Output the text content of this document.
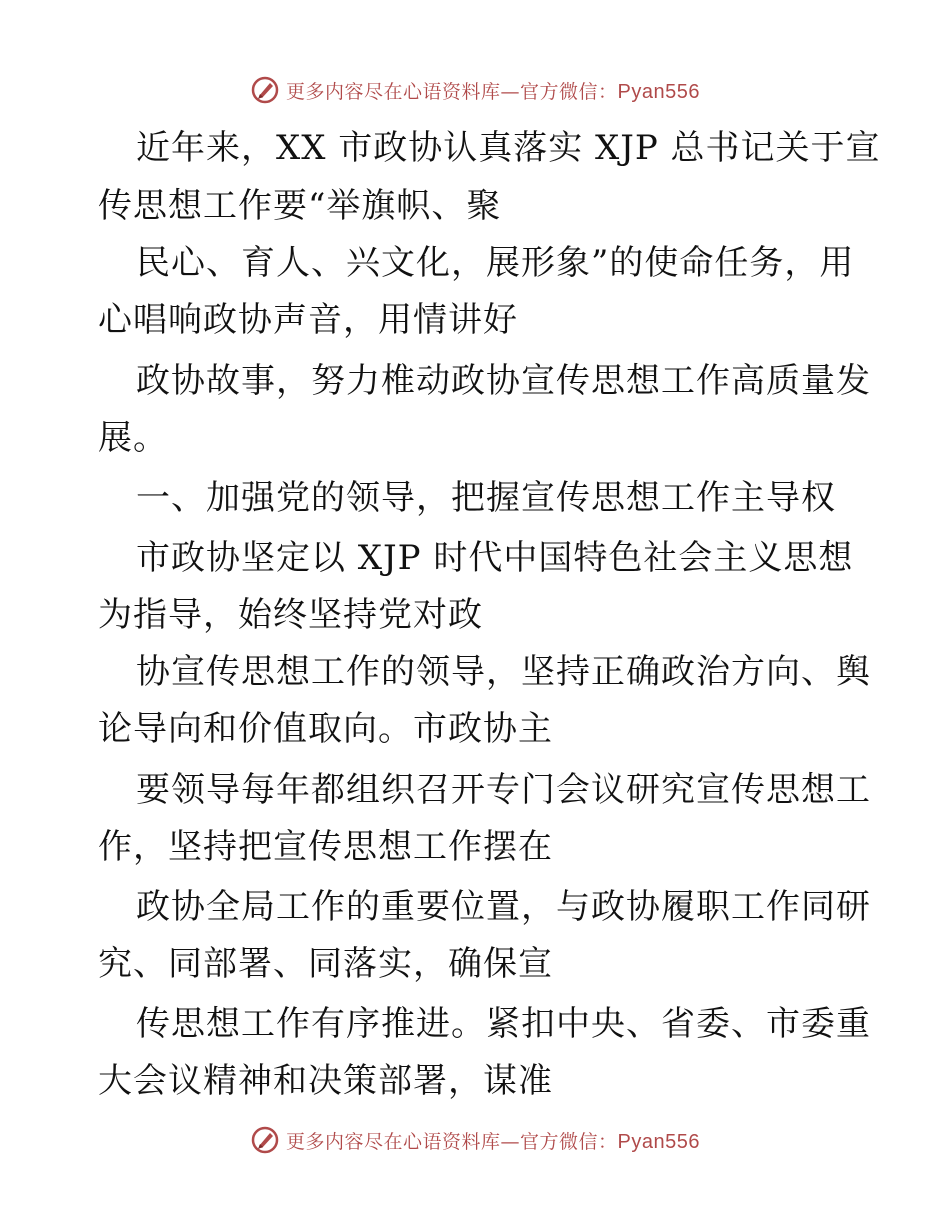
更多内容尽在心语资料库—官方微信：Pyan556
近年来，XX 市政协认真落实 XJP 总书记关于宣
传思想工作要“举旗帜、聚
民心、育人、兴文化，展形象”的使命任务，用
心唱响政协声音，用情讲好
政协故事，努力椎动政协宣传思想工作高质量发
展。
一、加强党的领导，把握宣传思想工作主导权
市政协坚定以 XJP 时代中国特色社会主义思想
为指导，始终坚持党对政
协宣传思想工作的领导，坚持正确政治方向、舆
论导向和价值取向。市政协主
要领导每年都组织召开专门会议研究宣传思想工
作，坚持把宣传思想工作摆在
政协全局工作的重要位置，与政协履职工作同研
究、同部署、同落实，确保宣
传思想工作有序推进。紧扣中央、省委、市委重
大会议精神和决策部署，谋准
更多内容尽在心语资料库—官方微信：Pyan556
